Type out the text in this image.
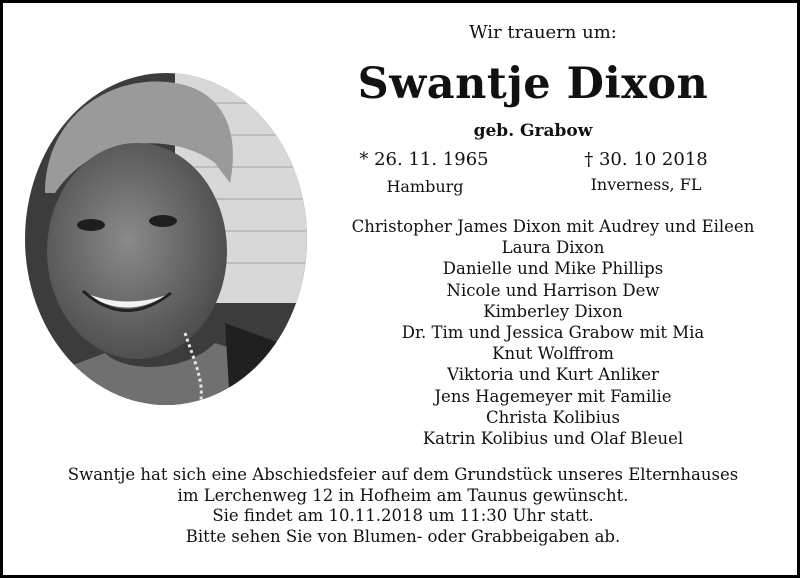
Wir trauern um:
Swantje Dixon
geb. Grabow
* 26. 11. 1965	† 30. 10 2018
Hamburg	Inverness, FL
Christopher James Dixon mit Audrey und Eileen
Laura Dixon
Danielle und Mike Phillips
Nicole und Harrison Dew
Kimberley Dixon
Dr. Tim und Jessica Grabow mit Mia
Knut Wolffrom
Viktoria und Kurt Anliker
Jens Hagemeyer mit Familie
Christa Kolibius
Katrin Kolibius und Olaf Bleuel
Swantje hat sich eine Abschiedsfeier auf dem Grundstück unseres Elternhauses
im Lerchenweg 12 in Hofheim am Taunus gewünscht.
Sie findet am 10.11.2018 um 11:30 Uhr statt.
Bitte sehen Sie von Blumen- oder Grabbeigaben ab.
